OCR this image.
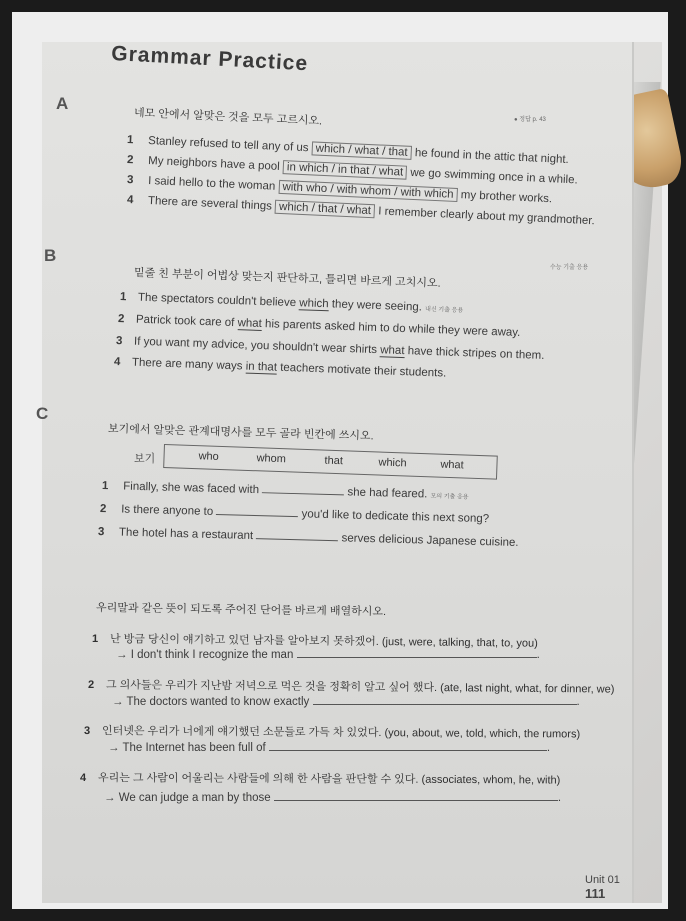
Grammar Practice
A
네모 안에서 알맞은 것을 모두 고르시오.	● 정답 p. 43
1 Stanley refused to tell any of us which / what / that he found in the attic that night.
2 My neighbors have a pool in which / in that / what we go swimming once in a while.
3 I said hello to the woman with who / with whom / with which my brother works.
4 There are several things which / that / what I remember clearly about my grandmother.
수능 기출 응용
B
밑줄 친 부분이 어법상 맞는지 판단하고, 틀리면 바르게 고치시오.
1 The spectators couldn't believe which they were seeing. 내신 기출 응용
2 Patrick took care of what his parents asked him to do while they were away.
3 If you want my advice, you shouldn't wear shirts what have thick stripes on them.
4 There are many ways in that teachers motivate their students.
C
보기에서 알맞은 관계대명사를 모두 골라 빈칸에 쓰시오.
보기	who	whom	that	which	what
1 Finally, she was faced with	she had feared. 모의 기출 응용
2 Is there anyone to	you'd like to dedicate this next song?
3 The hotel has a restaurant	serves delicious Japanese cuisine.
우리말과 같은 뜻이 되도록 주어진 단어를 바르게 배열하시오.
1 난 방금 당신이 얘기하고 있던 남자를 알아보지 못하겠어. (just, were, talking, that, to, you)
→ I don't think I recognize the man	.
2 그 의사들은 우리가 지난밤 저녁으로 먹은 것을 정확히 알고 싶어 했다. (ate, last night, what, for dinner, we)
→ The doctors wanted to know exactly	.
3 인터넷은 우리가 너에게 얘기했던 소문들로 가득 차 있었다. (you, about, we, told, which, the rumors)
→ The Internet has been full of	.
4 우리는 그 사람이 어울리는 사람들에 의해 한 사람을 판단할 수 있다. (associates, whom, he, with)
→ We can judge a man by those	.
Unit 01 111
